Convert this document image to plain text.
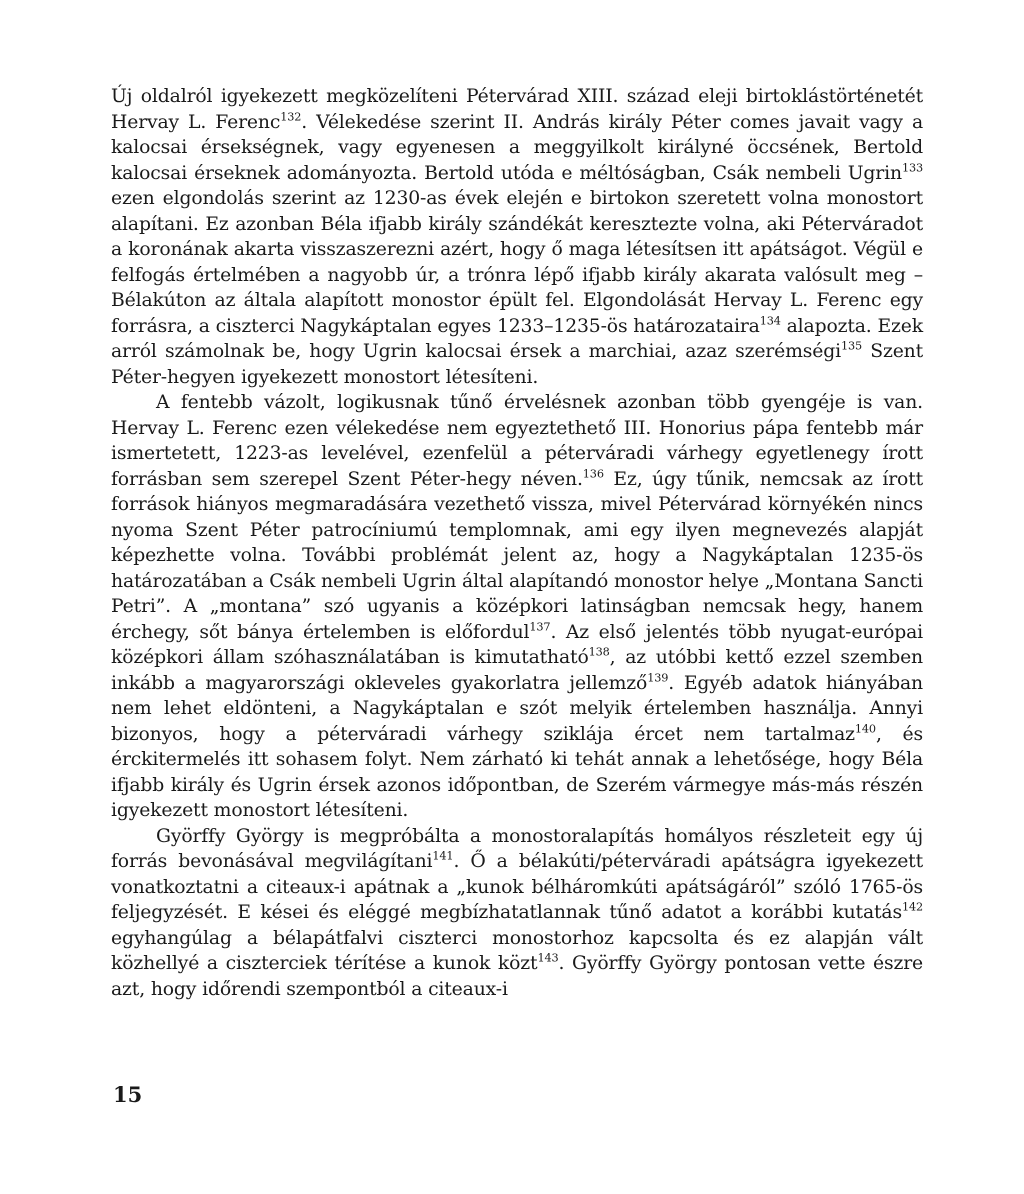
Új oldalról igyekezett megközelíteni Pétervárad XIII. század eleji birtoklástörténetét Hervay L. Ferenc$^{132}$. Vélekedése szerint II. András király Péter comes javait vagy a kalocsai érsekségnek, vagy egyenesen a meggyilkolt királyné öccsének, Bertold kalocsai érseknek adományozta. Bertold utóda e méltóságban, Csák nembeli Ugrin$^{133}$ ezen elgondolás szerint az 1230-as évek elején e birtokon szeretett volna monostort alapítani. Ez azonban Béla ifjabb király szándékát keresztezte volna, aki Péterváradot a koronának akarta visszaszerezni azért, hogy ő maga létesítsen itt apátságot. Végül e felfogás értelmében a nagyobb úr, a trónra lépő ifjabb király akarata valósult meg – Bélakúton az általa alapított monostor épült fel. Elgondolását Hervay L. Ferenc egy forrásra, a ciszterci Nagykáptalan egyes 1233–1235-ös határozataira$^{134}$ alapozta. Ezek arról számolnak be, hogy Ugrin kalocsai érsek a marchiai, azaz szerémségi$^{135}$ Szent Péter-hegyen igyekezett monostort létesíteni.

A fentebb vázolt, logikusnak tűnő érvelésnek azonban több gyengéje is van. Hervay L. Ferenc ezen vélekedése nem egyeztethető III. Honorius pápa fentebb már ismertetett, 1223-as levelével, ezenfelül a péterváradi várhegy egyetlenegy írott forrásban sem szerepel Szent Péter-hegy néven.$^{136}$ Ez, úgy tűnik, nemcsak az írott források hiányos megmaradására vezethető vissza, mivel Pétervárad környékén nincs nyoma Szent Péter patrocíniumú templomnak, ami egy ilyen megnevezés alapját képezhette volna. További problémát jelent az, hogy a Nagykáptalan 1235-ös határozatában a Csák nembeli Ugrin által alapítandó monostor helye „Montana Sancti Petri”. A „montana” szó ugyanis a középkori latinságban nemcsak hegy, hanem érchegy, sőt bánya értelemben is előfordul$^{137}$. Az első jelentés több nyugat-európai középkori állam szóhasználatában is kimutatható$^{138}$, az utóbbi kettő ezzel szemben inkább a magyarországi okleveles gyakorlatra jellemző$^{139}$. Egyéb adatok hiányában nem lehet eldönteni, a Nagykáptalan e szót melyik értelemben használja. Annyi bizonyos, hogy a péterváradi várhegy sziklája ércet nem tartalmaz$^{140}$, és érckitermelés itt sohasem folyt. Nem zárható ki tehát annak a lehetősége, hogy Béla ifjabb király és Ugrin érsek azonos időpontban, de Szerém vármegye más-más részén igyekezett monostort létesíteni.

Györffy György is megpróbálta a monostoralapítás homályos részleteit egy új forrás bevonásával megvilágítani$^{141}$. Ő a bélakúti/péterváradi apátságra igyekezett vonatkoztatni a citeaux-i apátnak a „kunok bélháromkúti apátságáról” szóló 1765-ös feljegyzését. E kései és eléggé megbízhatatlannak tűnő adatot a korábbi kutatás$^{142}$ egyhangúlag a bélapátfalvi ciszterci monostorhoz kapcsolta és ez alapján vált közhellyé a ciszterciek térítése a kunok közt$^{143}$. Györffy György pontosan vette észre azt, hogy időrendi szempontból a citeaux-i

15
